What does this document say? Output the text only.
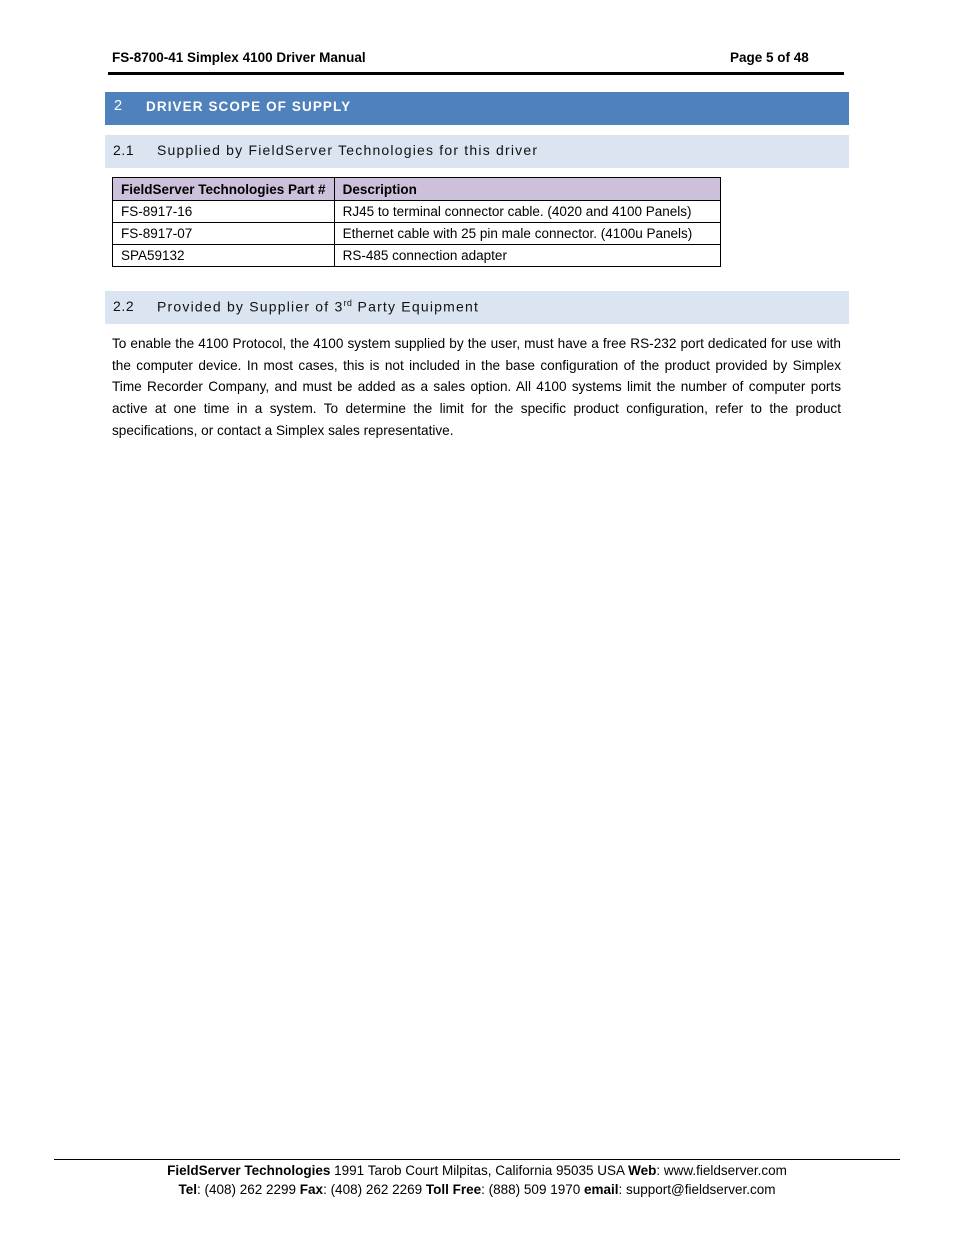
FS-8700-41 Simplex 4100 Driver Manual	Page 5 of 48
2 DRIVER SCOPE OF SUPPLY
2.1 Supplied by FieldServer Technologies for this driver
FieldServer Technologies Part #	Description
FS-8917-16	RJ45 to terminal connector cable. (4020 and 4100 Panels)
FS-8917-07	Ethernet cable with 25 pin male connector. (4100u Panels)
SPA59132	RS-485 connection adapter
2.2 Provided by Supplier of 3rd Party Equipment
To enable the 4100 Protocol, the 4100 system supplied by the user, must have a free RS-232 port dedicated for use with the computer device. In most cases, this is not included in the base configuration of the product provided by Simplex Time Recorder Company, and must be added as a sales option. All 4100 systems limit the number of computer ports active at one time in a system. To determine the limit for the specific product configuration, refer to the product specifications, or contact a Simplex sales representative.
FieldServer Technologies 1991 Tarob Court Milpitas, California 95035 USA Web: www.fieldserver.com
Tel: (408) 262 2299 Fax: (408) 262 2269 Toll Free: (888) 509 1970 email: support@fieldserver.com
